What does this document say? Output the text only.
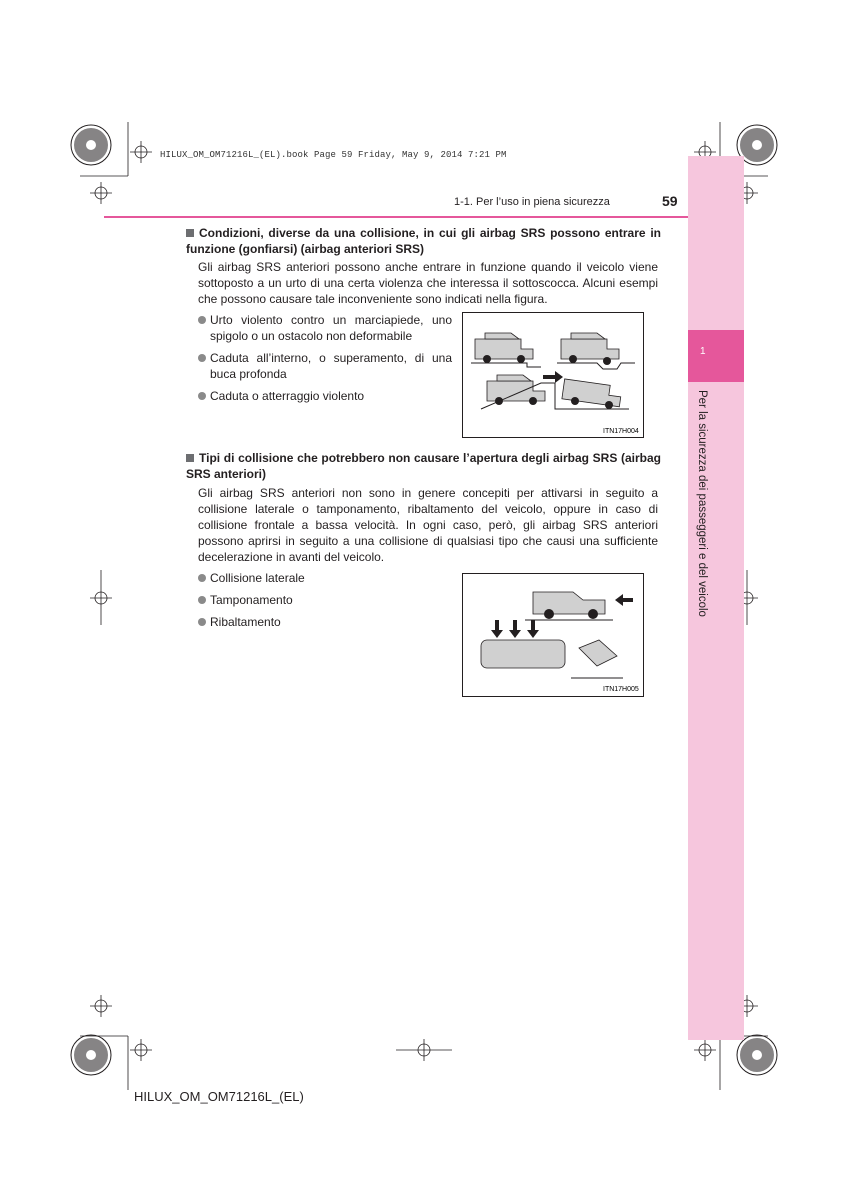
HILUX_OM_OM71216L_(EL).book Page 59 Friday, May 9, 2014 7:21 PM
1
Per la sicurezza dei passeggeri e del veicolo
1-1. Per l’uso in piena sicurezza	59
Condizioni, diverse da una collisione, in cui gli airbag SRS possono entrare in funzione (gonfiarsi) (airbag anteriori SRS)
Gli airbag SRS anteriori possono anche entrare in funzione quando il veicolo viene sottoposto a un urto di una certa violenza che interessa il sottoscocca. Alcuni esempi che possono causare tale inconveniente sono indicati nella figura.
Urto violento contro un marciapiede, uno spigolo o un ostacolo non deformabile
Caduta all’interno, o superamento, di una buca profonda
Caduta o atterraggio violento
ITN17H004
Tipi di collisione che potrebbero non causare l’apertura degli airbag SRS (airbag SRS anteriori)
Gli airbag SRS anteriori non sono in genere concepiti per attivarsi in seguito a collisione laterale o tamponamento, ribaltamento del veicolo, oppure in caso di collisione frontale a bassa velocità. In ogni caso, però, gli airbag SRS anteriori possono aprirsi in seguito a una collisione di qualsiasi tipo che causi una sufficiente decelerazione in avanti del veicolo.
Collisione laterale
Tamponamento
Ribaltamento
ITN17H005
HILUX_OM_OM71216L_(EL)
